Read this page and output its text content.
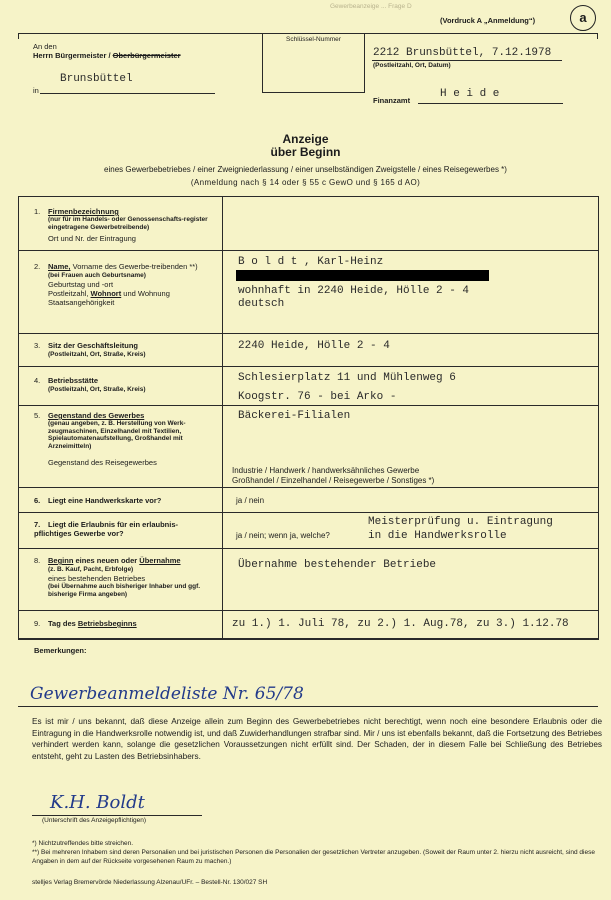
Gewerbeanzeige ... Frage D
(Vordruck A „Anmeldung“)	a
Schlüssel-Nummer
An den
Herrn Bürgermeister / Oberbürgermeister
Brunsbüttel
in
2212 Brunsbüttel, 7.12.1978
(Postleitzahl, Ort, Datum)
Finanzamt
H e i d e
Anzeige
über Beginn
eines Gewerbebetriebes / einer Zweigniederlassung / einer unselbständigen Zweigstelle / eines Reisegewerbes *)
(Anmeldung nach § 14 oder § 55 c GewO und § 165 d AO)
1. Firmenbezeichnung
(nur für im Handels- oder Genossenschafts-register eingetragene Gewerbetreibende)
Ort und Nr. der Eintragung
2. Name, Vorname des Gewerbe-treibenden **)
(bei Frauen auch Geburtsname)
Geburtstag und -ort
Postleitzahl, Wohnort und Wohnung
Staatsangehörigkeit
3. Sitz der Geschäftsleitung
(Postleitzahl, Ort, Straße, Kreis)
4. Betriebsstätte
(Postleitzahl, Ort, Straße, Kreis)
5. Gegenstand des Gewerbes
(genau angeben, z. B. Herstellung von Werk-zeugmaschinen, Einzelhandel mit Textilien, Spielautomatenaufstellung, Großhandel mit Arzneimitteln)
Gegenstand des Reisegewerbes
6. Liegt eine Handwerkskarte vor?
7. Liegt die Erlaubnis für ein erlaubnis-pflichtiges Gewerbe vor?
8. Beginn eines neuen oder Übernahme
(z. B. Kauf, Pacht, Erbfolge)
eines bestehenden Betriebes
(bei Übernahme auch bisheriger Inhaber und ggf. bisherige Firma angeben)
9. Tag des Betriebsbeginns
B o l d t , Karl-Heinz
wohnhaft in 2240 Heide, Hölle 2 - 4
deutsch
2240 Heide, Hölle 2 - 4
Schlesierplatz 11 und Mühlenweg 6
Koogstr. 76 - bei Arko -
Bäckerei-Filialen
Industrie / Handwerk / handwerksähnliches Gewerbe
Großhandel / Einzelhandel / Reisegewerbe / Sonstiges *)
ja / nein
ja / nein; wenn ja, welche?
Meisterprüfung u. Eintragung
in die Handwerksrolle
Übernahme bestehender Betriebe
zu 1.) 1. Juli 78, zu 2.) 1. Aug.78, zu 3.) 1.12.78
Bemerkungen:
Gewerbeanmeldeliste Nr. 65/78
Es ist mir / uns bekannt, daß diese Anzeige allein zum Beginn des Gewerbebetriebes nicht berechtigt, wenn noch eine besondere Erlaubnis oder die Eintragung in die Handwerksrolle notwendig ist, und daß Zuwiderhandlungen strafbar sind. Mir / uns ist ebenfalls bekannt, daß die Fortsetzung des Betriebes verhindert werden kann, solange die gesetzlichen Voraussetzungen nicht erfüllt sind. Der Schaden, der in diesem Falle bei Schließung des Betriebes entsteht, geht zu Lasten des Betriebsinhabers.
K.H. Boldt
(Unterschrift des Anzeigepflichtigen)
*) Nichtzutreffendes bitte streichen.
**) Bei mehreren Inhabern sind deren Personalien und bei juristischen Personen die Personalien der gesetzlichen Vertreter anzugeben. (Soweit der Raum unter 2. hierzu nicht ausreicht, sind diese Angaben in dem auf der Rückseite vorgesehenen Raum zu machen.)
stelljes Verlag Bremervörde Niederlassung Alzenau/UFr. – Bestell-Nr. 130/027 SH
